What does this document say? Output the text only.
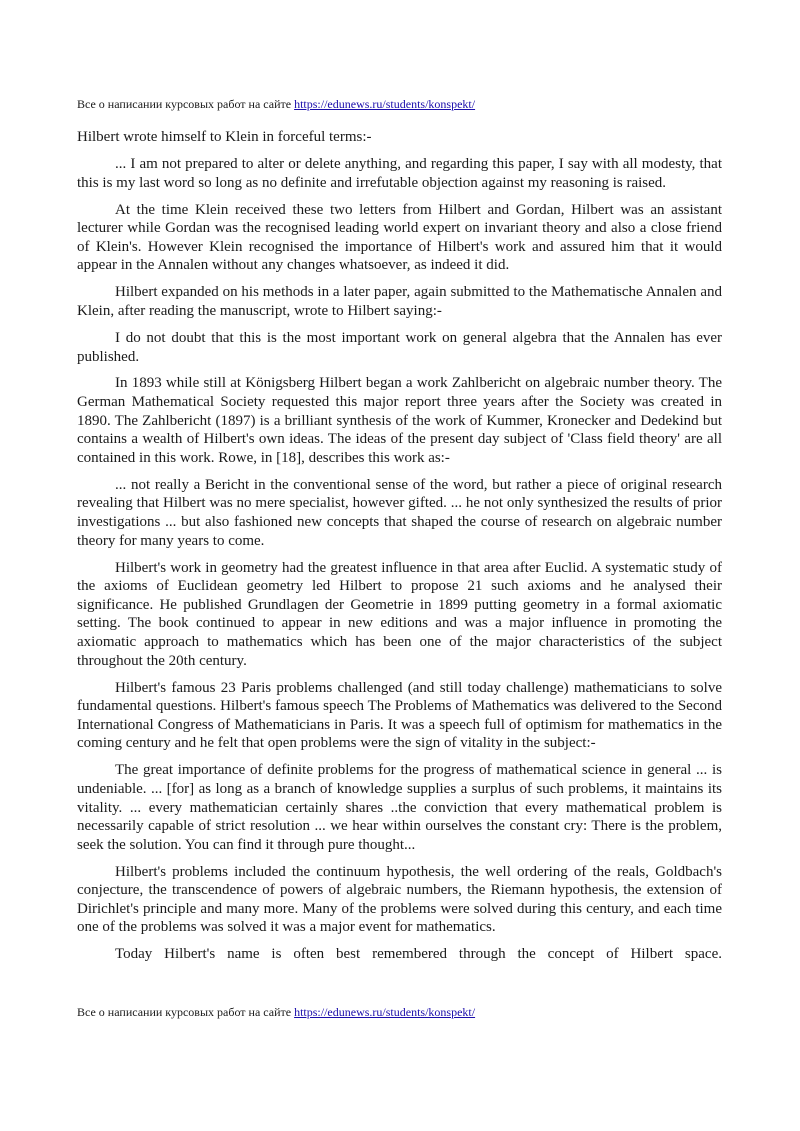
Все о написании курсовых работ на сайте https://edunews.ru/students/konspekt/

Hilbert wrote himself to Klein in forceful terms:-

... I am not prepared to alter or delete anything, and regarding this paper, I say with all modesty, that this is my last word so long as no definite and irrefutable objection against my reasoning is raised.

At the time Klein received these two letters from Hilbert and Gordan, Hilbert was an assistant lecturer while Gordan was the recognised leading world expert on invariant theory and also a close friend of Klein's. However Klein recognised the importance of Hilbert's work and assured him that it would appear in the Annalen without any changes whatsoever, as indeed it did.

Hilbert expanded on his methods in a later paper, again submitted to the Mathematische Annalen and Klein, after reading the manuscript, wrote to Hilbert saying:-

I do not doubt that this is the most important work on general algebra that the Annalen has ever published.

In 1893 while still at Königsberg Hilbert began a work Zahlbericht on algebraic number theory. The German Mathematical Society requested this major report three years after the Society was created in 1890. The Zahlbericht (1897) is a brilliant synthesis of the work of Kummer, Kronecker and Dedekind but contains a wealth of Hilbert's own ideas. The ideas of the present day subject of 'Class field theory' are all contained in this work. Rowe, in [18], describes this work as:-

... not really a Bericht in the conventional sense of the word, but rather a piece of original research revealing that Hilbert was no mere specialist, however gifted. ... he not only synthesized the results of prior investigations ... but also fashioned new concepts that shaped the course of research on algebraic number theory for many years to come.

Hilbert's work in geometry had the greatest influence in that area after Euclid. A systematic study of the axioms of Euclidean geometry led Hilbert to propose 21 such axioms and he analysed their significance. He published Grundlagen der Geometrie in 1899 putting geometry in a formal axiomatic setting. The book continued to appear in new editions and was a major influence in promoting the axiomatic approach to mathematics which has been one of the major characteristics of the subject throughout the 20th century.

Hilbert's famous 23 Paris problems challenged (and still today challenge) mathematicians to solve fundamental questions. Hilbert's famous speech The Problems of Mathematics was delivered to the Second International Congress of Mathematicians in Paris. It was a speech full of optimism for mathematics in the coming century and he felt that open problems were the sign of vitality in the subject:-

The great importance of definite problems for the progress of mathematical science in general ... is undeniable. ... [for] as long as a branch of knowledge supplies a surplus of such problems, it maintains its vitality. ... every mathematician certainly shares ..the conviction that every mathematical problem is necessarily capable of strict resolution ... we hear within ourselves the constant cry: There is the problem, seek the solution. You can find it through pure thought...

Hilbert's problems included the continuum hypothesis, the well ordering of the reals, Goldbach's conjecture, the transcendence of powers of algebraic numbers, the Riemann hypothesis, the extension of Dirichlet's principle and many more. Many of the problems were solved during this century, and each time one of the problems was solved it was a major event for mathematics.

Today Hilbert's name is often best remembered through the concept of Hilbert space.

Все о написании курсовых работ на сайте https://edunews.ru/students/konspekt/
